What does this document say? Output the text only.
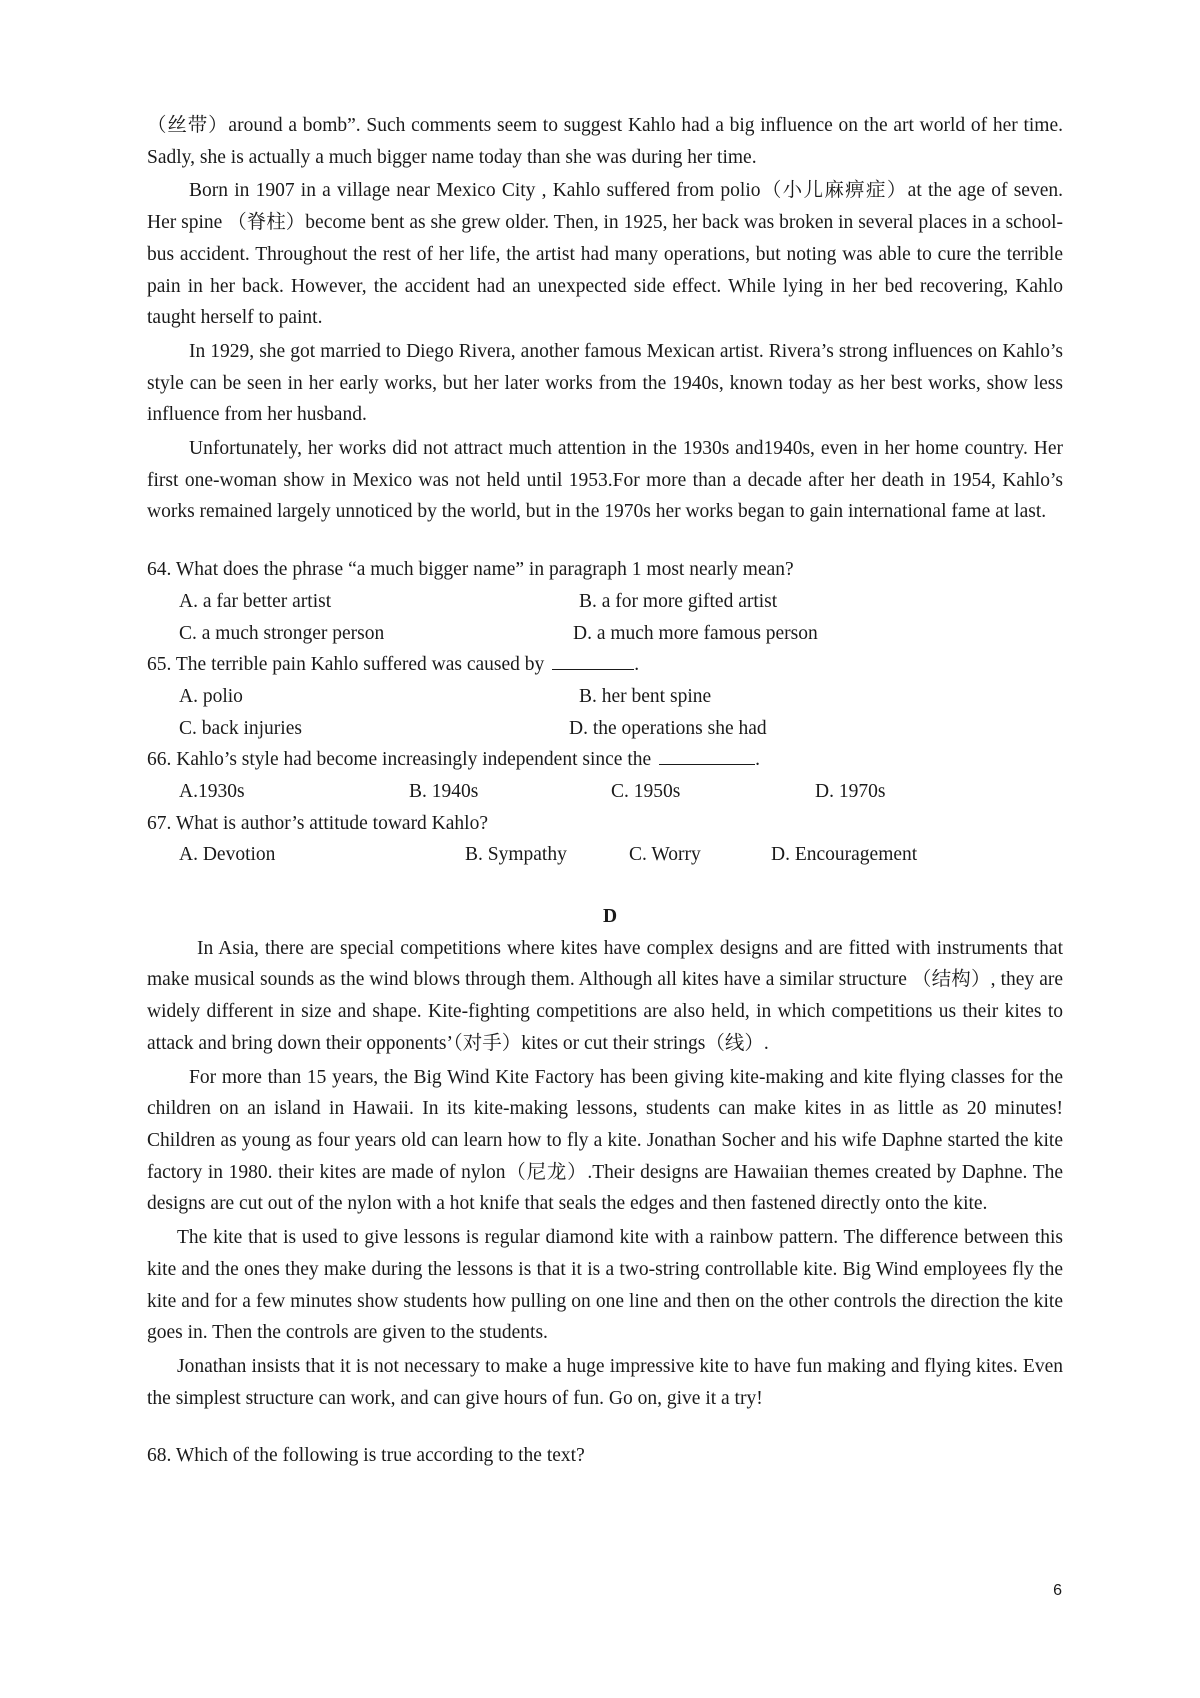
（丝带）around a bomb”. Such comments seem to suggest Kahlo had a big influence on the art world of her time. Sadly, she is actually a much bigger name today than she was during her time.

Born in 1907 in a village near Mexico City , Kahlo suffered from polio（小儿麻痹症）at the age of seven. Her spine （脊柱）become bent as she grew older. Then, in 1925, her back was broken in several places in a school-bus accident. Throughout the rest of her life, the artist had many operations, but noting was able to cure the terrible pain in her back. However, the accident had an unexpected side effect. While lying in her bed recovering, Kahlo taught herself to paint.

In 1929, she got married to Diego Rivera, another famous Mexican artist. Rivera’s strong influences on Kahlo’s style can be seen in her early works, but her later works from the 1940s, known today as her best works, show less influence from her husband.

Unfortunately, her works did not attract much attention in the 1930s and1940s, even in her home country. Her first one-woman show in Mexico was not held until 1953.For more than a decade after her death in 1954, Kahlo’s works remained largely unnoticed by the world, but in the 1970s her works began to gain international fame at last.

64. What does the phrase “a much bigger name” in paragraph 1 most nearly mean?

A. a far better artist	B. a for more gifted artist
C. a much stronger person	D. a much more famous person

65. The terrible pain Kahlo suffered was caused by	.

A. polio	B. her bent spine
C. back injuries	D. the operations she had

66. Kahlo’s style had become increasingly independent since the	.

A.1930s	B. 1940s	C. 1950s	D. 1970s

67. What is author’s attitude toward Kahlo?

A. Devotion	B. Sympathy	C. Worry	D. Encouragement

D

In Asia, there are special competitions where kites have complex designs and are fitted with instruments that make musical sounds as the wind blows through them. Although all kites have a similar structure （结构）, they are widely different in size and shape. Kite-fighting competitions are also held, in which competitions us their kites to attack and bring down their opponents’（对手）kites or cut their strings（线）.

For more than 15 years, the Big Wind Kite Factory has been giving kite-making and kite flying classes for the children on an island in Hawaii. In its kite-making lessons, students can make kites in as little as 20 minutes! Children as young as four years old can learn how to fly a kite. Jonathan Socher and his wife Daphne started the kite factory in 1980. their kites are made of nylon（尼龙）.Their designs are Hawaiian themes created by Daphne. The designs are cut out of the nylon with a hot knife that seals the edges and then fastened directly onto the kite.

The kite that is used to give lessons is regular diamond kite with a rainbow pattern. The difference between this kite and the ones they make during the lessons is that it is a two-string controllable kite. Big Wind employees fly the kite and for a few minutes show students how pulling on one line and then on the other controls the direction the kite goes in. Then the controls are given to the students.

Jonathan insists that it is not necessary to make a huge impressive kite to have fun making and flying kites. Even the simplest structure can work, and can give hours of fun. Go on, give it a try!

68. Which of the following is true according to the text?

6
